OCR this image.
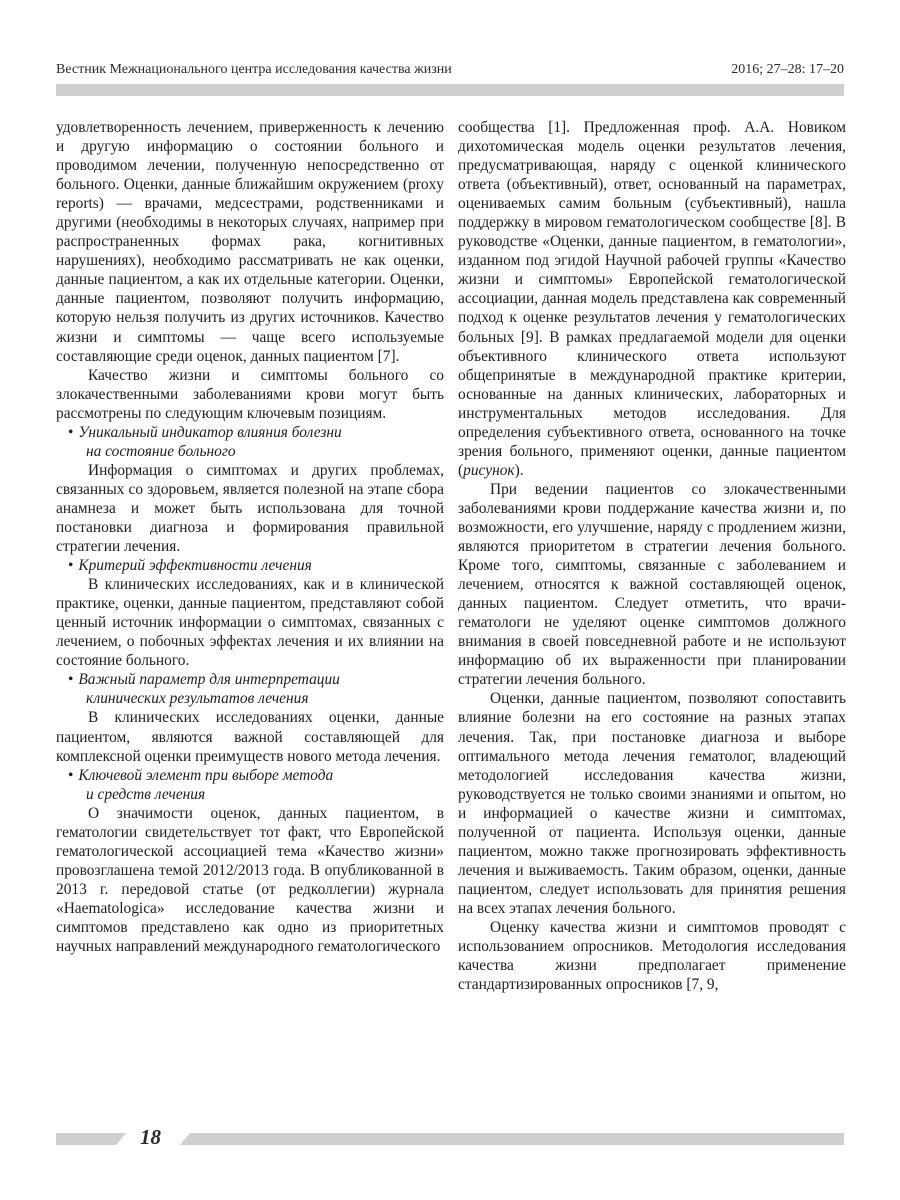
Вестник Межнационального центра исследования качества жизни	2016; 27–28: 17–20

удовлетворенность лечением, приверженность к лечению и другую информацию о состоянии больного и проводимом лечении, полученную непосредственно от больного. Оценки, данные ближайшим окружением (proxy reports) — врачами, медсестрами, родственниками и другими (необходимы в некоторых случаях, например при распространенных формах рака, когнитивных нарушениях), необходимо рассматривать не как оценки, данные пациентом, а как их отдельные категории. Оценки, данные пациентом, позволяют получить информацию, которую нельзя получить из других источников. Качество жизни и симптомы — чаще всего используемые составляющие среди оценок, данных пациентом [7].

Качество жизни и симптомы больного со злокачественными заболеваниями крови могут быть рассмотрены по следующим ключевым позициям.

• Уникальный индикатор влияния болезни
на состояние больного

Информация о симптомах и других проблемах, связанных со здоровьем, является полезной на этапе сбора анамнеза и может быть использована для точной постановки диагноза и формирования правильной стратегии лечения.

• Критерий эффективности лечения

В клинических исследованиях, как и в клинической практике, оценки, данные пациентом, представляют собой ценный источник информации о симптомах, связанных с лечением, о побочных эффектах лечения и их влиянии на состояние больного.

• Важный параметр для интерпретации
клинических результатов лечения

В клинических исследованиях оценки, данные пациентом, являются важной составляющей для комплексной оценки преимуществ нового метода лечения.

• Ключевой элемент при выборе метода
и средств лечения

О значимости оценок, данных пациентом, в гематологии свидетельствует тот факт, что Европейской гематологической ассоциацией тема «Качество жизни» провозглашена темой 2012/2013 года. В опубликованной в 2013 г. передовой статье (от редколлегии) журнала «Haematologica» исследование качества жизни и симптомов представлено как одно из приоритетных научных направлений международного гематологического

сообщества [1]. Предложенная проф. А.А. Новиком дихотомическая модель оценки результатов лечения, предусматривающая, наряду с оценкой клинического ответа (объективный), ответ, основанный на параметрах, оцениваемых самим больным (субъективный), нашла поддержку в мировом гематологическом сообществе [8]. В руководстве «Оценки, данные пациентом, в гематологии», изданном под эгидой Научной рабочей группы «Качество жизни и симптомы» Европейской гематологической ассоциации, данная модель представлена как современный подход к оценке результатов лечения у гематологических больных [9]. В рамках предлагаемой модели для оценки объективного клинического ответа используют общепринятые в международной практике критерии, основанные на данных клинических, лабораторных и инструментальных методов исследования. Для определения субъективного ответа, основанного на точке зрения больного, применяют оценки, данные пациентом (рисунок).

При ведении пациентов со злокачественными заболеваниями крови поддержание качества жизни и, по возможности, его улучшение, наряду с продлением жизни, являются приоритетом в стратегии лечения больного. Кроме того, симптомы, связанные с заболеванием и лечением, относятся к важной составляющей оценок, данных пациентом. Следует отметить, что врачи-гематологи не уделяют оценке симптомов должного внимания в своей повседневной работе и не используют информацию об их выраженности при планировании стратегии лечения больного.

Оценки, данные пациентом, позволяют сопоставить влияние болезни на его состояние на разных этапах лечения. Так, при постановке диагноза и выборе оптимального метода лечения гематолог, владеющий методологией исследования качества жизни, руководствуется не только своими знаниями и опытом, но и информацией о качестве жизни и симптомах, полученной от пациента. Используя оценки, данные пациентом, можно также прогнозировать эффективность лечения и выживаемость. Таким образом, оценки, данные пациентом, следует использовать для принятия решения на всех этапах лечения больного.

Оценку качества жизни и симптомов проводят с использованием опросников. Методология исследования качества жизни предполагает применение стандартизированных опросников [7, 9,

18
